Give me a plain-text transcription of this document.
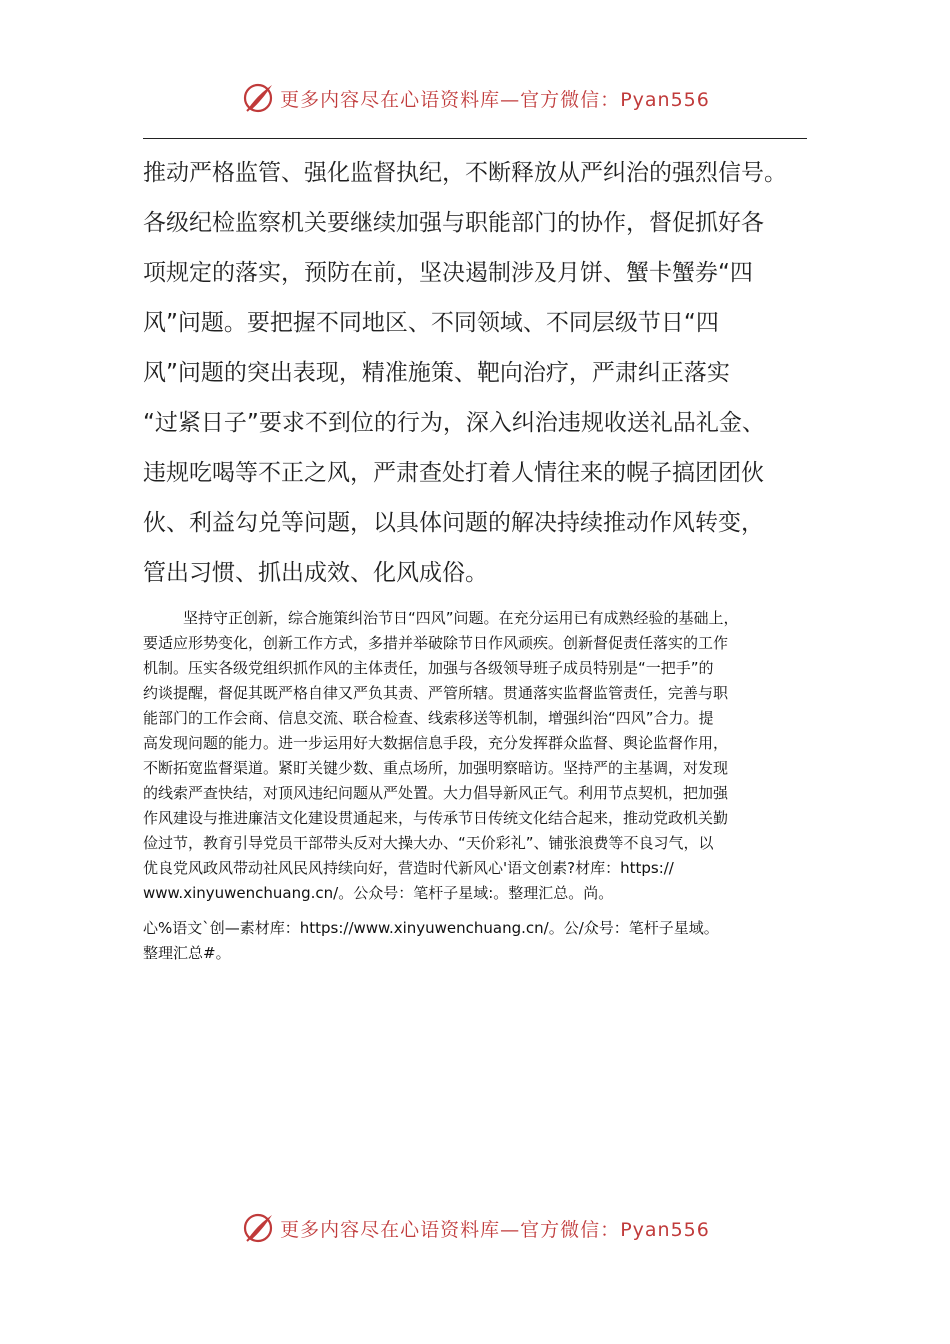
更多内容尽在心语资料库—官方微信：Pyan556
推动严格监管、强化监督执纪，不断释放从严纠治的强烈信号。
各级纪检监察机关要继续加强与职能部门的协作，督促抓好各
项规定的落实，预防在前，坚决遏制涉及月饼、蟹卡蟹券“四
风”问题。要把握不同地区、不同领域、不同层级节日“四
风”问题的突出表现，精准施策、靶向治疗，严肃纠正落实
“过紧日子”要求不到位的行为，深入纠治违规收送礼品礼金、
违规吃喝等不正之风，严肃查处打着人情往来的幌子搞团团伙
伙、利益勾兑等问题，以具体问题的解决持续推动作风转变，
管出习惯、抓出成效、化风成俗。
坚持守正创新，综合施策纠治节日“四风”问题。在充分运用已有成熟经验的基础上，
要适应形势变化，创新工作方式，多措并举破除节日作风顽疾。创新督促责任落实的工作
机制。压实各级党组织抓作风的主体责任，加强与各级领导班子成员特别是“一把手”的
约谈提醒，督促其既严格自律又严负其责、严管所辖。贯通落实监督监管责任，完善与职
能部门的工作会商、信息交流、联合检查、线索移送等机制，增强纠治“四风”合力。提
高发现问题的能力。进一步运用好大数据信息手段，充分发挥群众监督、舆论监督作用，
不断拓宽监督渠道。紧盯关键少数、重点场所，加强明察暗访。坚持严的主基调，对发现
的线索严查快结，对顶风违纪问题从严处置。大力倡导新风正气。利用节点契机，把加强
作风建设与推进廉洁文化建设贯通起来，与传承节日传统文化结合起来，推动党政机关勤
俭过节，教育引导党员干部带头反对大操大办、“天价彩礼”、铺张浪费等不良习气，以
优良党风政风带动社风民风持续向好，营造时代新风心'语文创素?材库：https://
www.xinyuwenchuang.cn/。公众号：笔杆子星域:。整理汇总。尚。
心%语文`创—素材库：https://www.xinyuwenchuang.cn/。公/众号：笔杆子星域。
整理汇总#。
更多内容尽在心语资料库—官方微信：Pyan556
